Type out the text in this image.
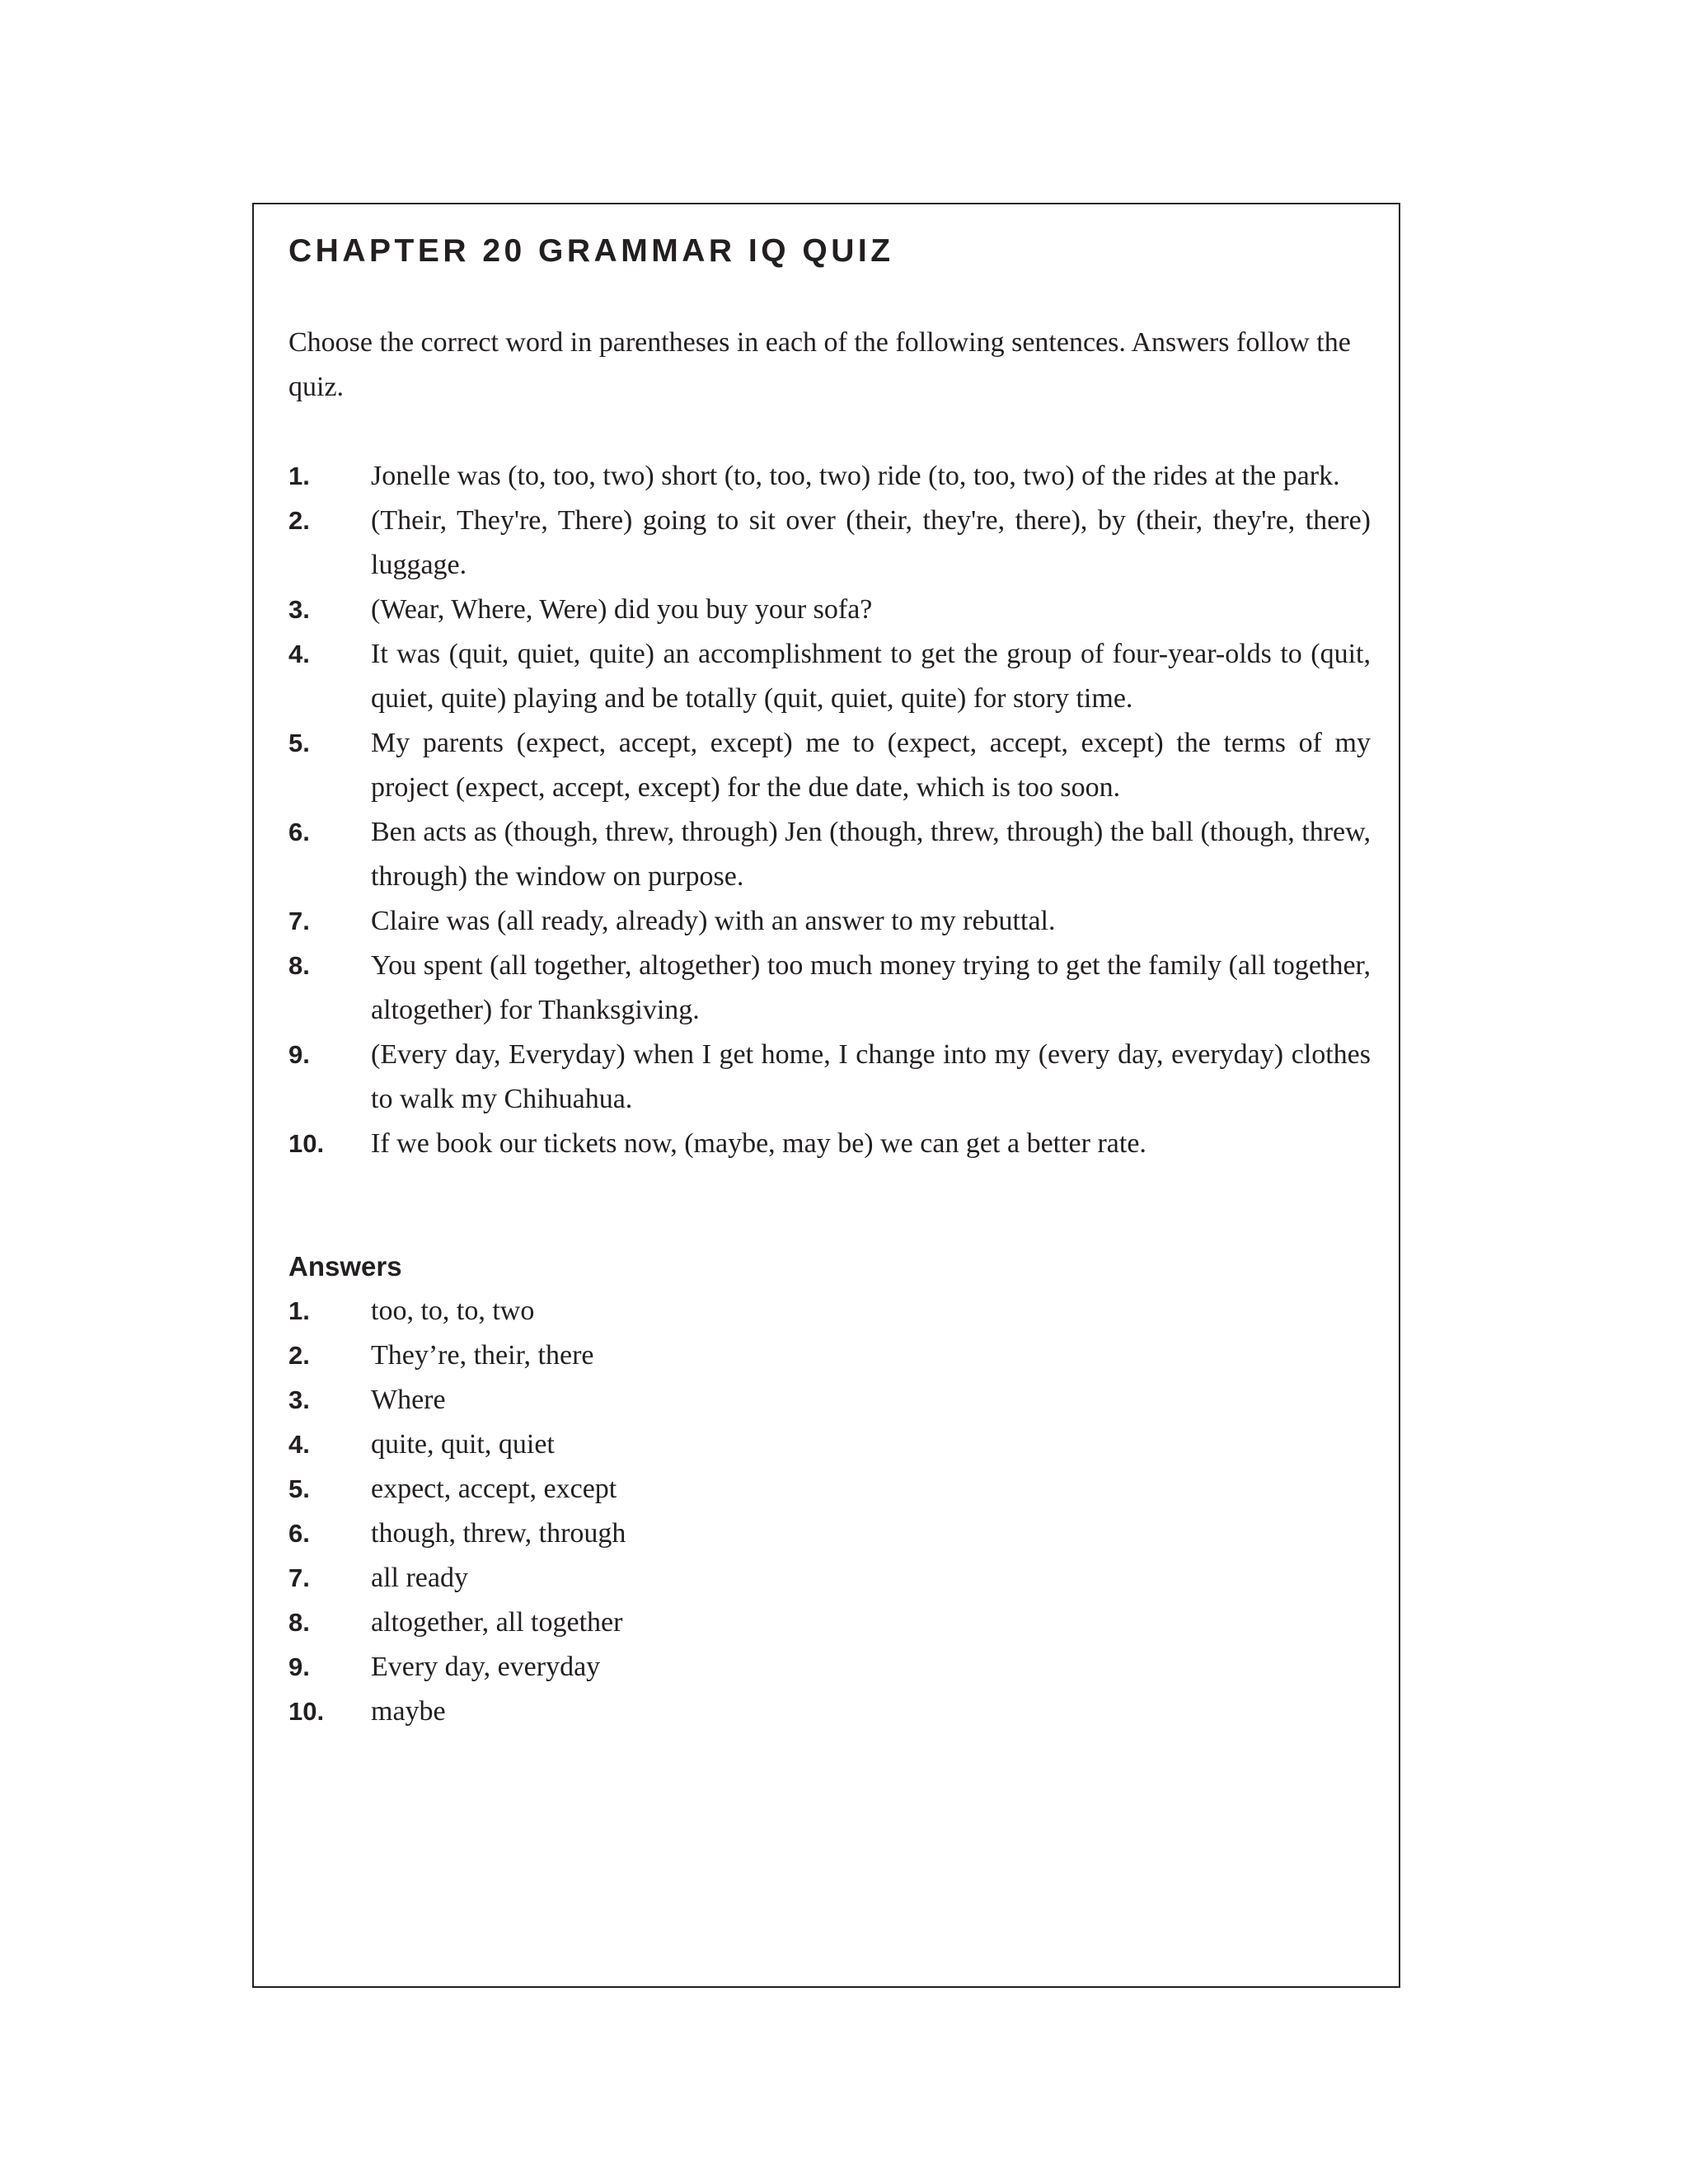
CHAPTER 20 GRAMMAR IQ QUIZ

Choose the correct word in parentheses in each of the following sentences. Answers follow the quiz.

1.	Jonelle was (to, too, two) short (to, too, two) ride (to, too, two) of the rides at the park.
2.	(Their, They're, There) going to sit over (their, they're, there), by (their, they're, there) luggage.
3.	(Wear, Where, Were) did you buy your sofa?
4.	It was (quit, quiet, quite) an accomplishment to get the group of four-year-olds to (quit, quiet, quite) playing and be totally (quit, quiet, quite) for story time.
5.	My parents (expect, accept, except) me to (expect, accept, except) the terms of my project (expect, accept, except) for the due date, which is too soon.
6.	Ben acts as (though, threw, through) Jen (though, threw, through) the ball (though, threw, through) the window on purpose.
7.	Claire was (all ready, already) with an answer to my rebuttal.
8.	You spent (all together, altogether) too much money trying to get the family (all together, altogether) for Thanksgiving.
9.	(Every day, Everyday) when I get home, I change into my (every day, everyday) clothes to walk my Chihuahua.
10.	If we book our tickets now, (maybe, may be) we can get a better rate.
Answers
1.	too, to, to, two
2.	They’re, their, there
3.	Where
4.	quite, quit, quiet
5.	expect, accept, except
6.	though, threw, through
7.	all ready
8.	altogether, all together
9.	Every day, everyday
10.	maybe
